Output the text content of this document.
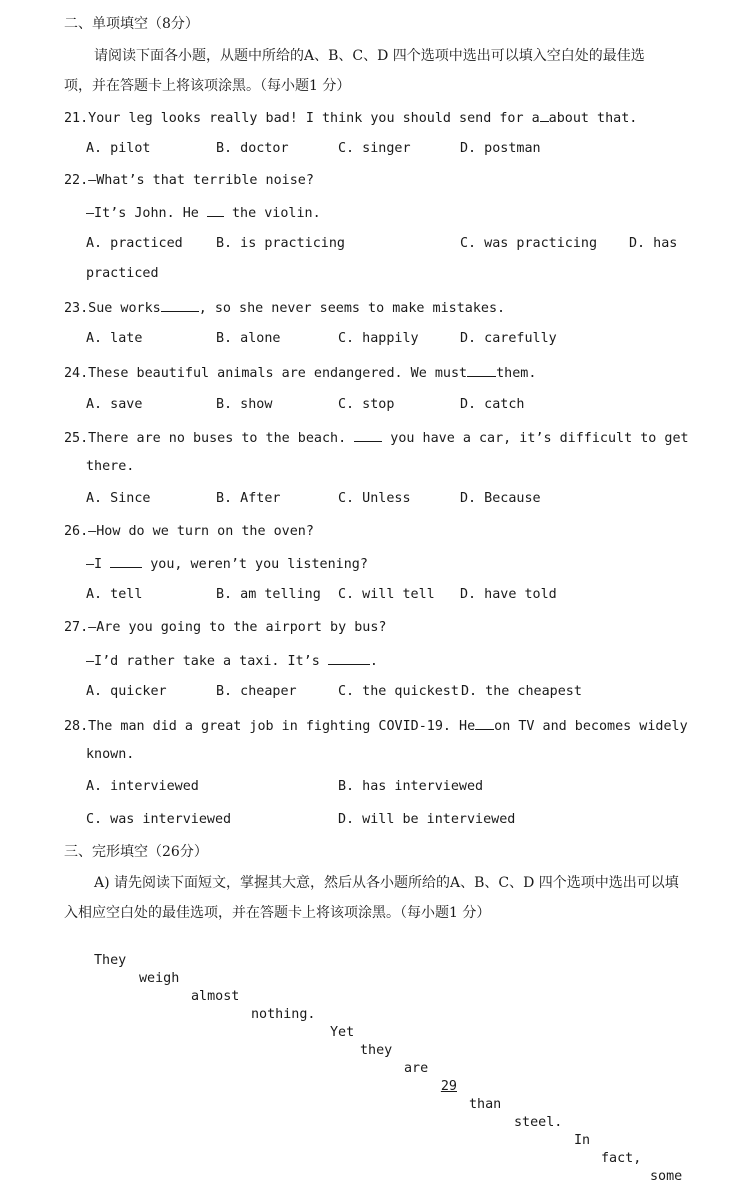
二、单项填空（8分）
请阅读下面各小题，从题中所给的A、B、C、D 四个选项中选出可以填入空白处的最佳选
项，并在答题卡上将该项涂黑。（每小题1 分）
21.Your leg looks really bad! I think you should send for a about that.
A. pilot	B. doctor	C. singer	D. postman
22.—What’s that terrible noise?
—It’s John. He  the violin.
A. practiced B. is practicing	C. was practicing D. has
practiced
23.Sue works	, so she never seems to make mistakes.
A. late	B. alone	C. happily	D. carefully
24.These beautiful animals are endangered. We must them.
A. save	B. show	C. stop	D. catch
25.There are no buses to the beach.  you have a car, it’s difficult to get
there.
A. Since	B. After	C. Unless	D. Because
26.—How do we turn on the oven?
—I  you, weren’t you listening?
A. tell	B. am telling C. will tell D. have told
27.—Are you going to the airport by bus?
—I’d rather take a taxi. It’s	.
A. quicker	B. cheaper	C. the quickest D. the cheapest
28.The man did a great job in fighting COVID-19. He on TV and becomes widely
known.
A. interviewed	B. has interviewed
C. was interviewed	D. will be interviewed
三、完形填空（26分）
A) 请先阅读下面短文，掌握其大意，然后从各小题所给的A、B、C、D 四个选项中选出可以填
入相应空白处的最佳选项，并在答题卡上将该项涂黑。（每小题1 分）

They

weigh

almost

nothing.

Yet

they

are

29

than

steel.

In

fact,

some
